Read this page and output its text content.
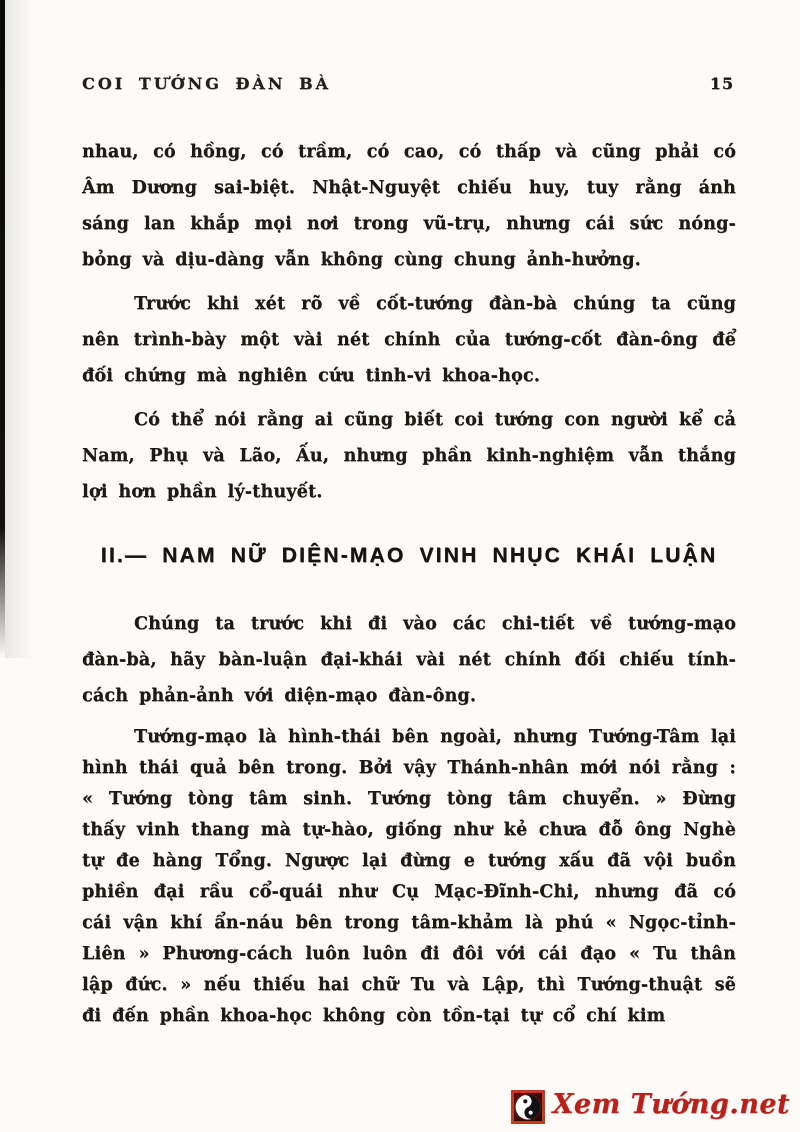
COI TƯỚNG ĐÀN BÀ	15

nhau, có hồng, có trầm, có cao, có thấp và cũng phải có Âm Dương sai-biệt. Nhật-Nguyệt chiếu huy, tuy rằng ánh sáng lan khắp mọi nơi trong vũ-trụ, nhưng cái sức nóng-bỏng và dịu-dàng vẫn không cùng chung ảnh-hưởng.

Trước khi xét rõ về cốt-tướng đàn-bà chúng ta cũng nên trình-bày một vài nét chính của tướng-cốt đàn-ông để đối chứng mà nghiên cứu tinh-vi khoa-học.

Có thể nói rằng ai cũng biết coi tướng con người kể cả Nam, Phụ và Lão, Ấu, nhưng phần kinh-nghiệm vẫn thắng lợi hơn phần lý-thuyết.

II.— NAM NỮ DIỆN-MẠO VINH NHỤC KHÁI LUẬN

Chúng ta trước khi đi vào các chi-tiết về tướng-mạo đàn-bà, hãy bàn-luận đại-khái vài nét chính đối chiếu tính-cách phản-ảnh với diện-mạo đàn-ông.

Tướng-mạo là hình-thái bên ngoài, nhưng Tướng-Tâm lại hình thái quả bên trong. Bởi vậy Thánh-nhân mới nói rằng : « Tướng tòng tâm sinh. Tướng tòng tâm chuyển. » Đừng thấy vinh thang mà tự-hào, giống như kẻ chưa đỗ ông Nghè tự đe hàng Tổng. Ngược lại đừng e tướng xấu đã vội buồn phiền đại rầu cổ-quái như Cụ Mạc-Đĩnh-Chi, nhưng đã có cái vận khí ẩn-náu bên trong tâm-khảm là phú « Ngọc-tỉnh-Liên » Phương-cách luôn luôn đi đôi với cái đạo « Tu thân lập đức. » nếu thiếu hai chữ Tu và Lập, thì Tướng-thuật sẽ đi đến phần khoa-học không còn tồn-tại tự cổ chí kim

Xem Tướng.net
